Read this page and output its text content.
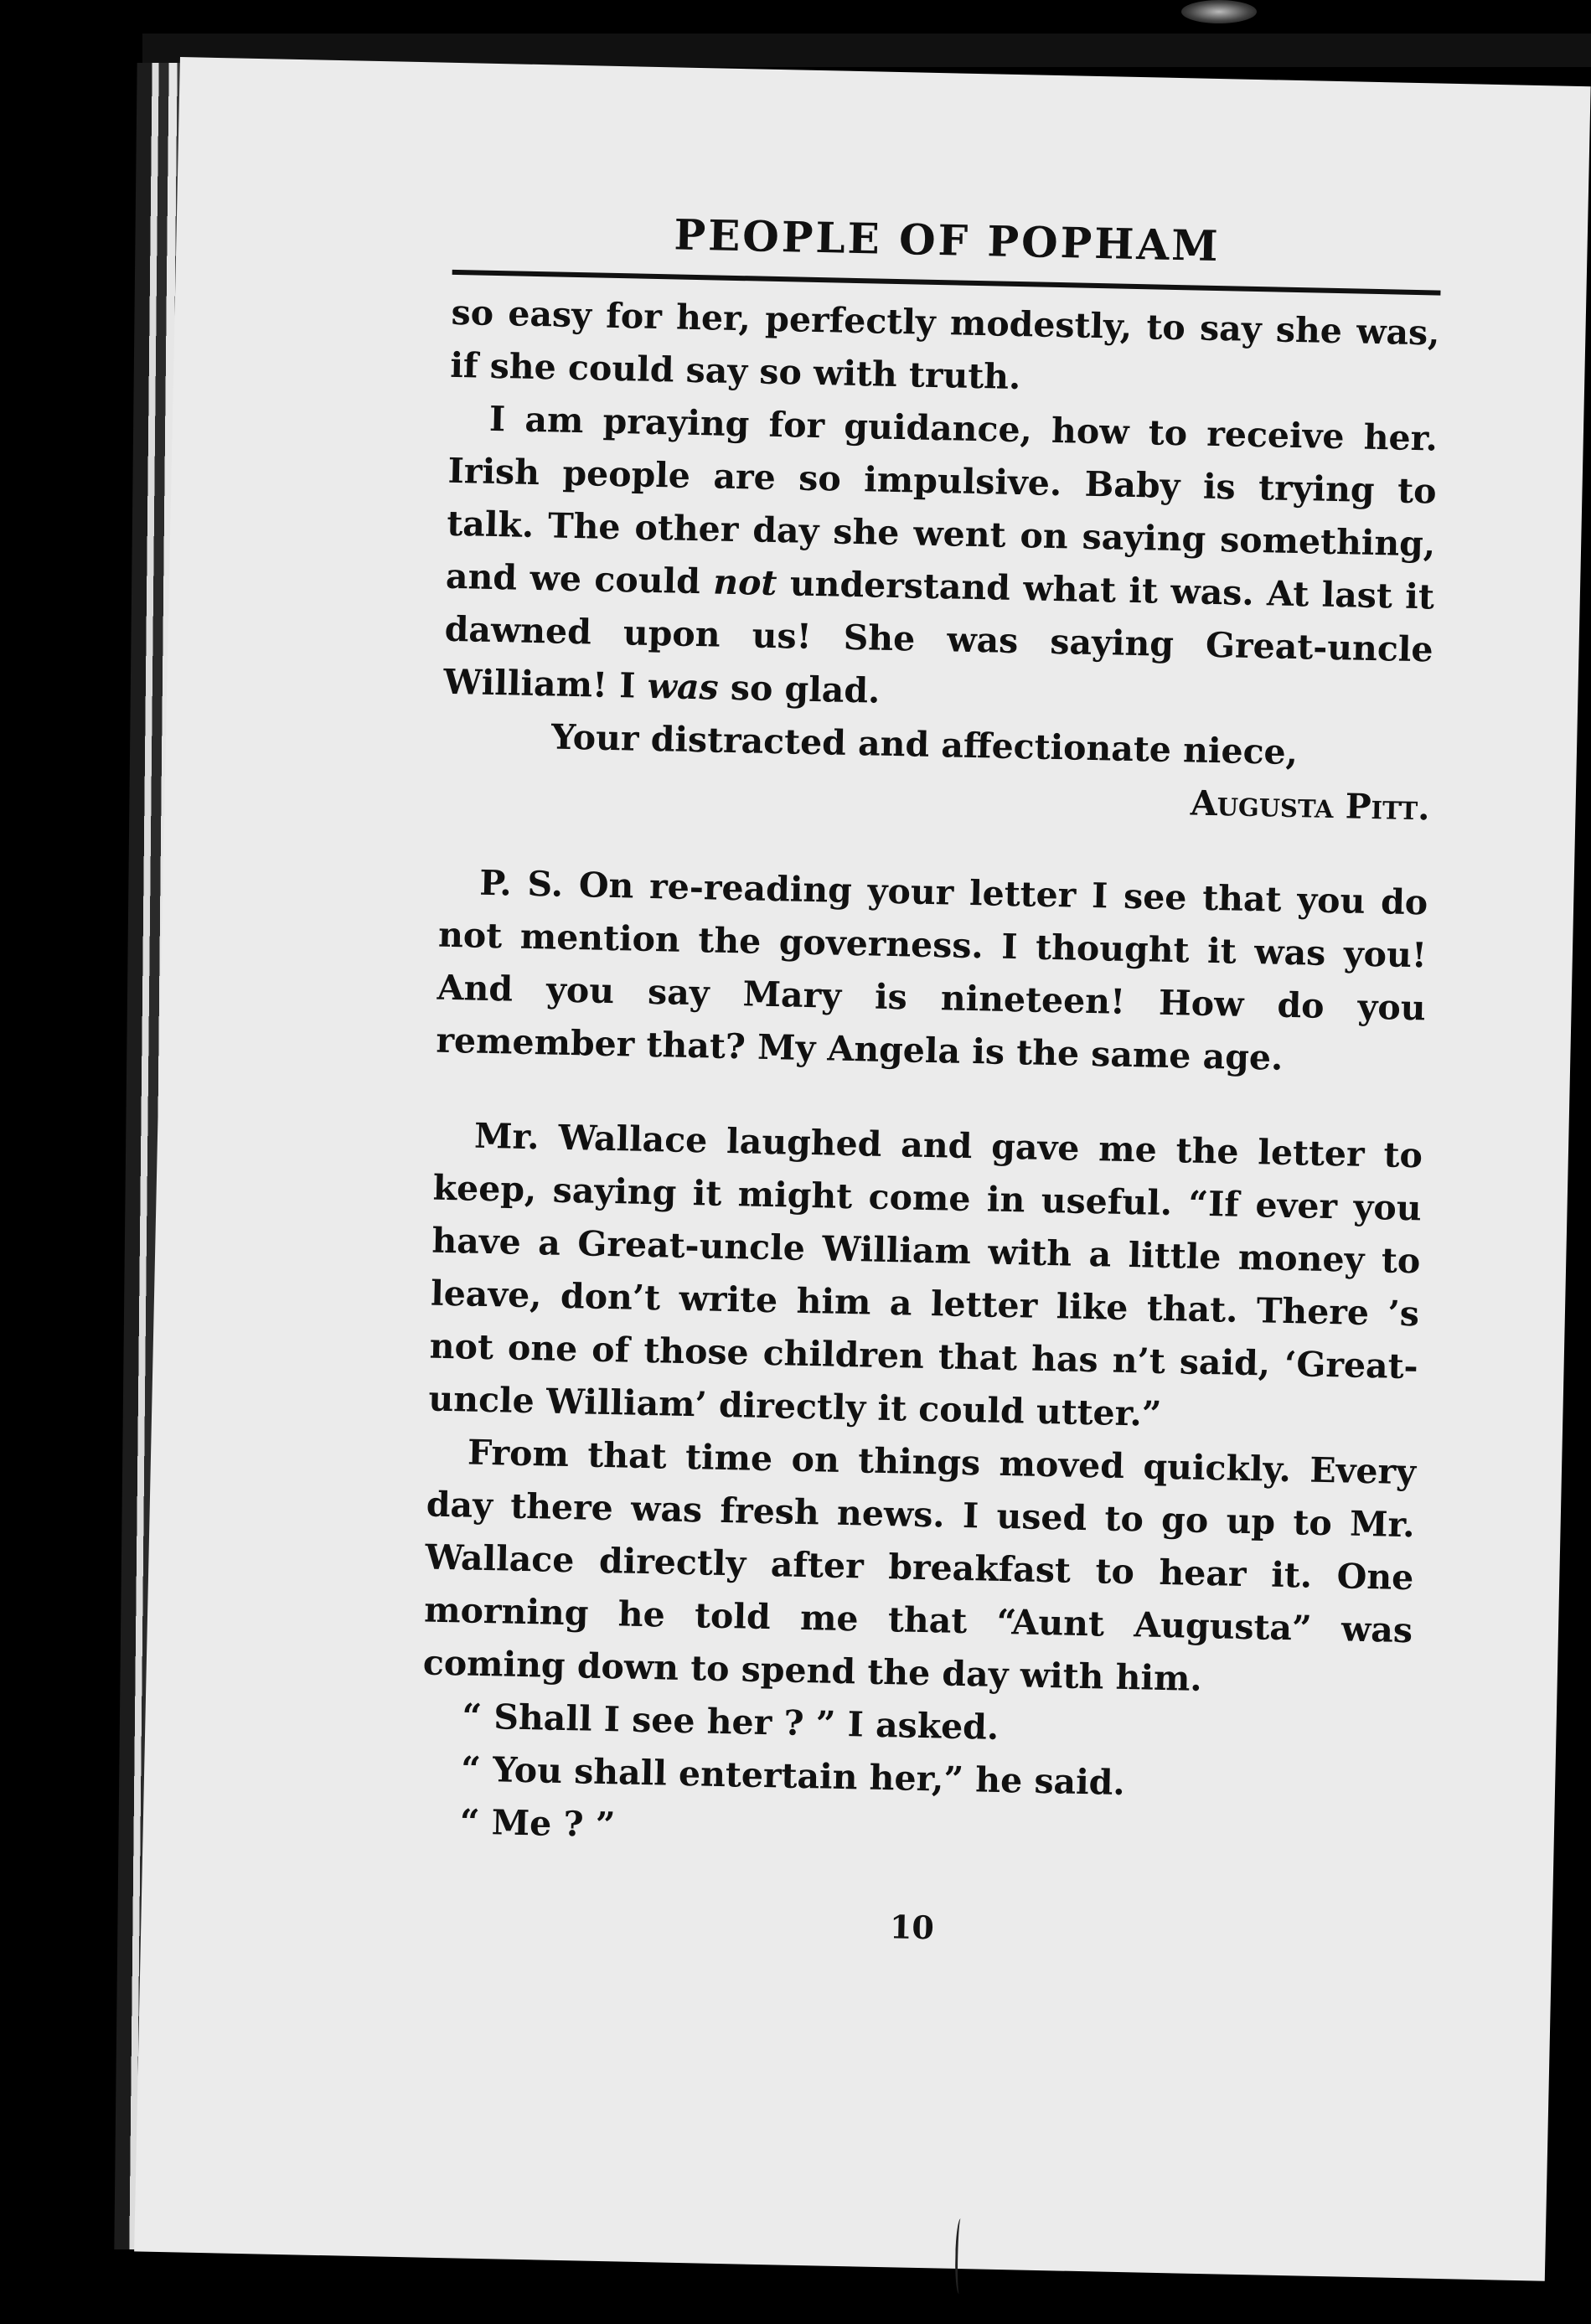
PEOPLE OF POPHAM

so easy for her, perfectly modestly, to say she was, if she could say so with truth.

I am praying for guidance, how to receive her. Irish people are so impulsive. Baby is trying to talk. The other day she went on saying something, and we could not understand what it was. At last it dawned upon us! She was saying Great-uncle William! I was so glad.

Your distracted and affectionate niece,

Augusta Pitt.

P. S. On re-reading your letter I see that you do not mention the governess. I thought it was you! And you say Mary is nineteen! How do you remember that? My Angela is the same age.

Mr. Wallace laughed and gave me the letter to keep, saying it might come in useful. “If ever you have a Great-uncle William with a little money to leave, don’t write him a letter like that. There ’s not one of those children that has n’t said, ‘Great-uncle William’ directly it could utter.”

From that time on things moved quickly. Every day there was fresh news. I used to go up to Mr. Wallace directly after breakfast to hear it. One morning he told me that “Aunt Augusta” was coming down to spend the day with him.

“ Shall I see her ? ” I asked.

“ You shall entertain her,” he said.

“ Me ? ”

10
